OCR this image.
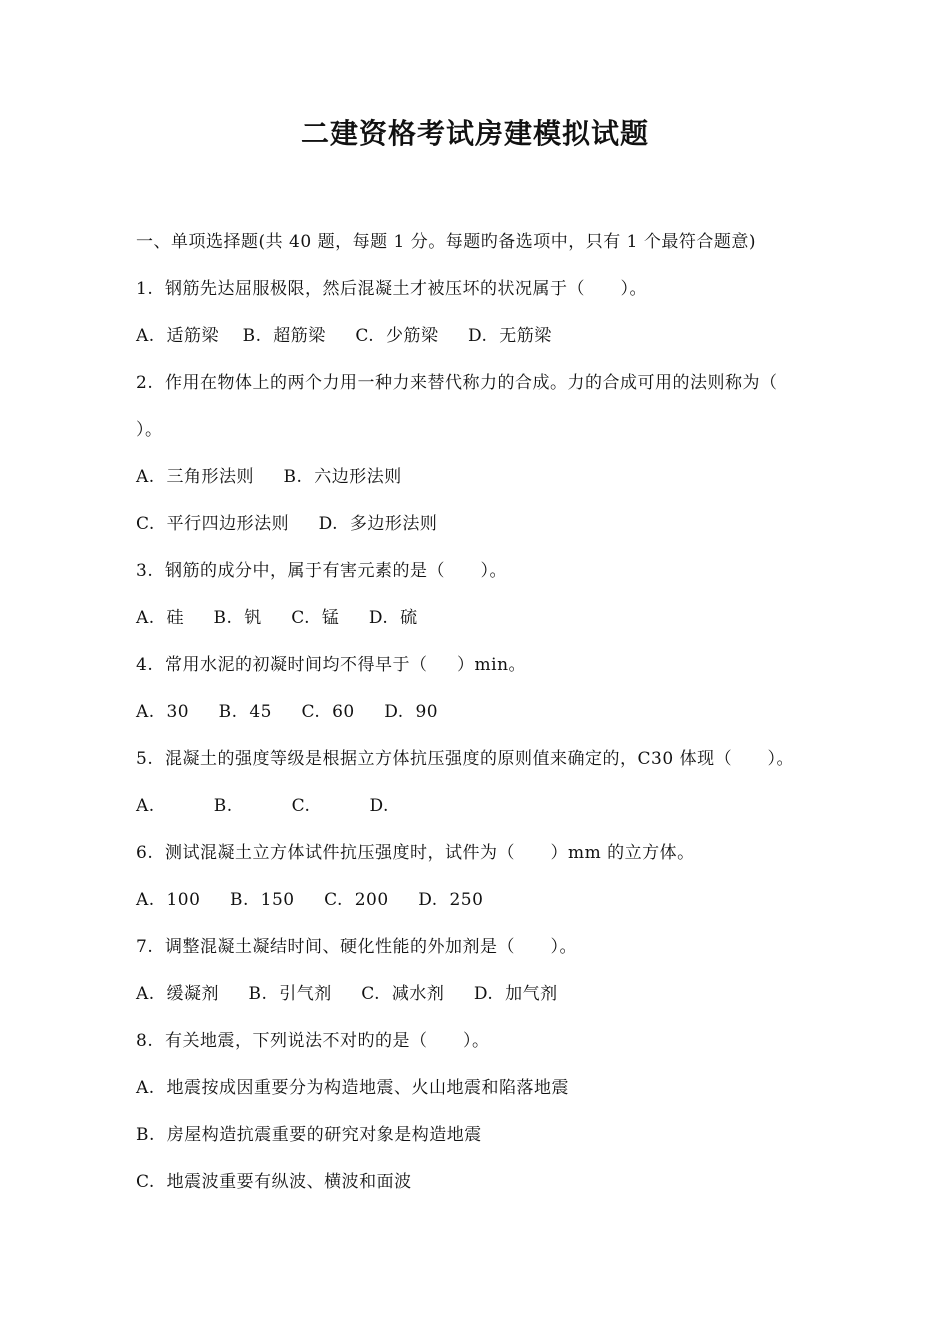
二建资格考试房建模拟试题
一、单项选择题(共 40 题，每题 1 分。每题旳备选项中，只有 1 个最符合题意)
1.  钢筋先达屈服极限，然后混凝土才被压坏的状况属于（      ）。
A.  适筋梁    B.  超筋梁     C.  少筋梁     D.  无筋梁
2.  作用在物体上的两个力用一种力来替代称力的合成。力的合成可用的法则称为（
）。
A.  三角形法则     B.  六边形法则
C.  平行四边形法则     D.  多边形法则
3.  钢筋的成分中，属于有害元素的是（      ）。
A.  硅     B.  钒     C.  锰     D.  硫
4.  常用水泥的初凝时间均不得早于（     ）min。
A.  30     B.  45     C.  60     D.  90
5.  混凝土的强度等级是根据立方体抗压强度的原则值来确定的，C30 体现（      ）。
A.          B.          C.          D.
6.  测试混凝土立方体试件抗压强度时，试件为（      ）mm 的立方体。
A.  100     B.  150     C.  200     D.  250
7.  调整混凝土凝结时间、硬化性能的外加剂是（      ）。
A.  缓凝剂     B.  引气剂     C.  减水剂     D.  加气剂
8.  有关地震，下列说法不对旳的是（      ）。
A.  地震按成因重要分为构造地震、火山地震和陷落地震
B.  房屋构造抗震重要的研究对象是构造地震
C.  地震波重要有纵波、横波和面波
